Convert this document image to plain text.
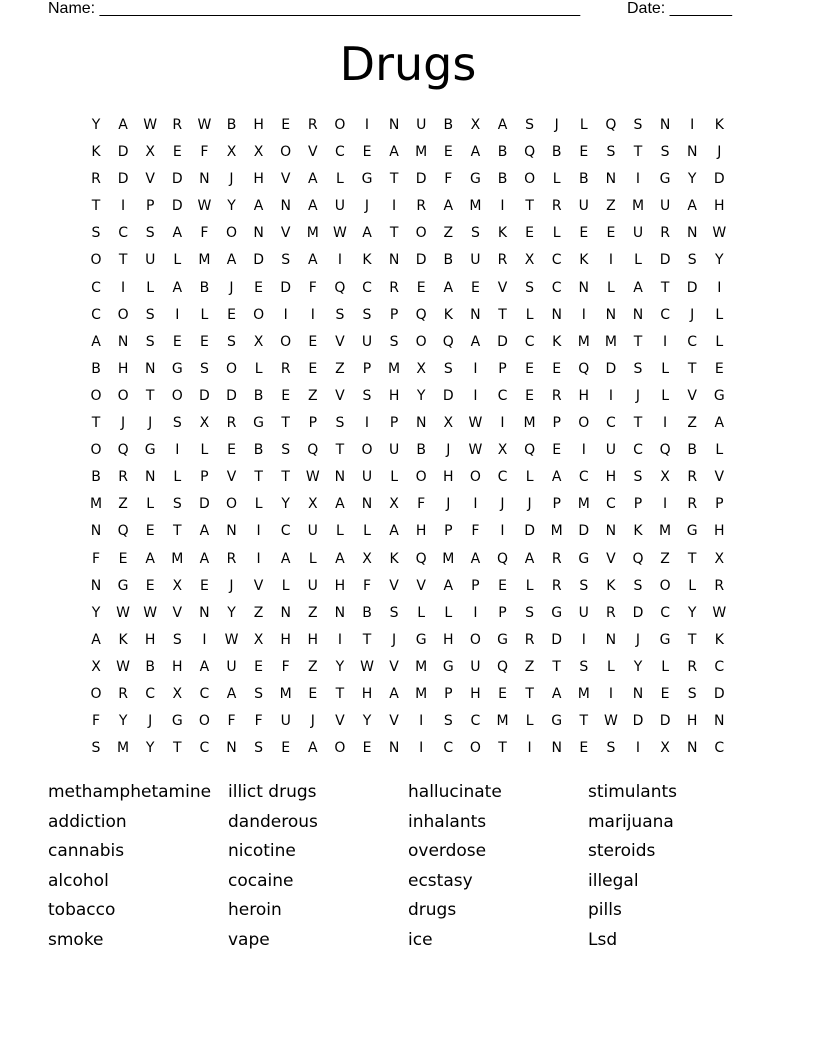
Name: ______________________________________________________	Date: _______
Drugs
Y	A	W	R	W	B	H	E	R	O	I	N	U	B	X	A	S	J	L	Q	S	N	I	K
K	D	X	E	F	X	X	O	V	C	E	A	M	E	A	B	Q	B	E	S	T	S	N	J
R	D	V	D	N	J	H	V	A	L	G	T	D	F	G	B	O	L	B	N	I	G	Y	D
T	I	P	D	W	Y	A	N	A	U	J	I	R	A	M	I	T	R	U	Z	M	U	A	H
S	C	S	A	F	O	N	V	M	W	A	T	O	Z	S	K	E	L	E	E	U	R	N	W
O	T	U	L	M	A	D	S	A	I	K	N	D	B	U	R	X	C	K	I	L	D	S	Y
C	I	L	A	B	J	E	D	F	Q	C	R	E	A	E	V	S	C	N	L	A	T	D	I
C	O	S	I	L	E	O	I	I	S	S	P	Q	K	N	T	L	N	I	N	N	C	J	L
A	N	S	E	E	S	X	O	E	V	U	S	O	Q	A	D	C	K	M	M	T	I	C	L
B	H	N	G	S	O	L	R	E	Z	P	M	X	S	I	P	E	E	Q	D	S	L	T	E
O	O	T	O	D	D	B	E	Z	V	S	H	Y	D	I	C	E	R	H	I	J	L	V	G
T	J	J	S	X	R	G	T	P	S	I	P	N	X	W	I	M	P	O	C	T	I	Z	A
O	Q	G	I	L	E	B	S	Q	T	O	U	B	J	W	X	Q	E	I	U	C	Q	B	L
B	R	N	L	P	V	T	T	W	N	U	L	O	H	O	C	L	A	C	H	S	X	R	V
M	Z	L	S	D	O	L	Y	X	A	N	X	F	J	I	J	J	P	M	C	P	I	R	P
N	Q	E	T	A	N	I	C	U	L	L	A	H	P	F	I	D	M	D	N	K	M	G	H
F	E	A	M	A	R	I	A	L	A	X	K	Q	M	A	Q	A	R	G	V	Q	Z	T	X
N	G	E	X	E	J	V	L	U	H	F	V	V	A	P	E	L	R	S	K	S	O	L	R
Y	W W	V	N	Y	Z	N	Z	N	B	S	L	L	I	P	S	G	U	R	D	C	Y	W
A	K	H	S	I	W	X	H	H	I	T	J	G	H	O	G	R	D	I	N	J	G	T	K
X	W	B	H	A	U	E	F	Z	Y	W	V	M	G	U	Q	Z	T	S	L	Y	L	R	C
O	R	C	X	C	A	S	M	E	T	H	A	M	P	H	E	T	A	M	I	N	E	S	D
F	Y	J	G	O	F	F	U	J	V	Y	V	I	S	C	M	L	G	T	W	D	D	H	N
S	M	Y	T	C	N	S	E	A	O	E	N	I	C	O	T	I	N	E	S	I	X	N	C
methamphetamine
addiction
cannabis
alcohol
tobacco
smoke
illict drugs
danderous
nicotine
cocaine
heroin
vape
hallucinate
inhalants
overdose
ecstasy
drugs
ice
stimulants
marijuana
steroids
illegal
pills
Lsd
